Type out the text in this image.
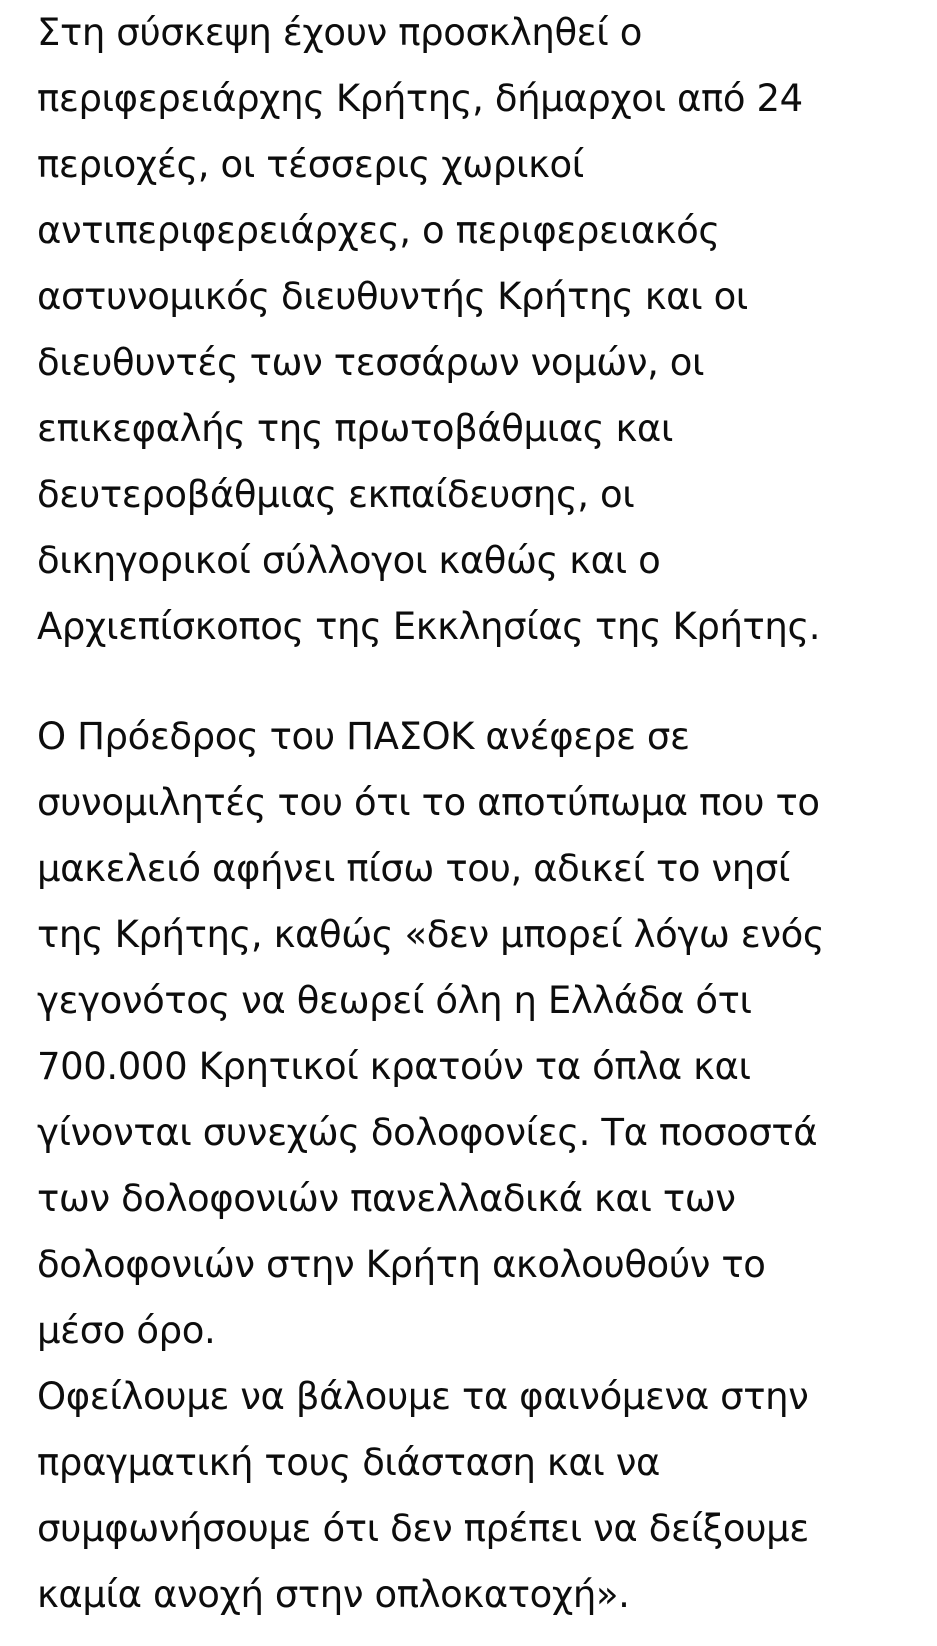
Στη σύσκεψη έχουν προσκληθεί ο
περιφερειάρχης Κρήτης, δήμαρχοι από 24
περιοχές, οι τέσσερις χωρικοί
αντιπεριφερειάρχες, ο περιφερειακός
αστυνομικός διευθυντής Κρήτης και οι
διευθυντές των τεσσάρων νομών, οι
επικεφαλής της πρωτοβάθμιας και
δευτεροβάθμιας εκπαίδευσης, οι
δικηγορικοί σύλλογοι καθώς και ο
Αρχιεπίσκοπος της Εκκλησίας της Κρήτης.

Ο Πρόεδρος του ΠΑΣΟΚ ανέφερε σε
συνομιλητές του ότι το αποτύπωμα που το
μακελειό αφήνει πίσω του, αδικεί το νησί
της Κρήτης, καθώς «δεν μπορεί λόγω ενός
γεγονότος να θεωρεί όλη η Ελλάδα ότι
700.000 Κρητικοί κρατούν τα όπλα και
γίνονται συνεχώς δολοφονίες. Τα ποσοστά
των δολοφονιών πανελλαδικά και των
δολοφονιών στην Κρήτη ακολουθούν το
μέσο όρο.
Οφείλουμε να βάλουμε τα φαινόμενα στην
πραγματική τους διάσταση και να
συμφωνήσουμε ότι δεν πρέπει να δείξουμε
καμία ανοχή στην οπλοκατοχή».
